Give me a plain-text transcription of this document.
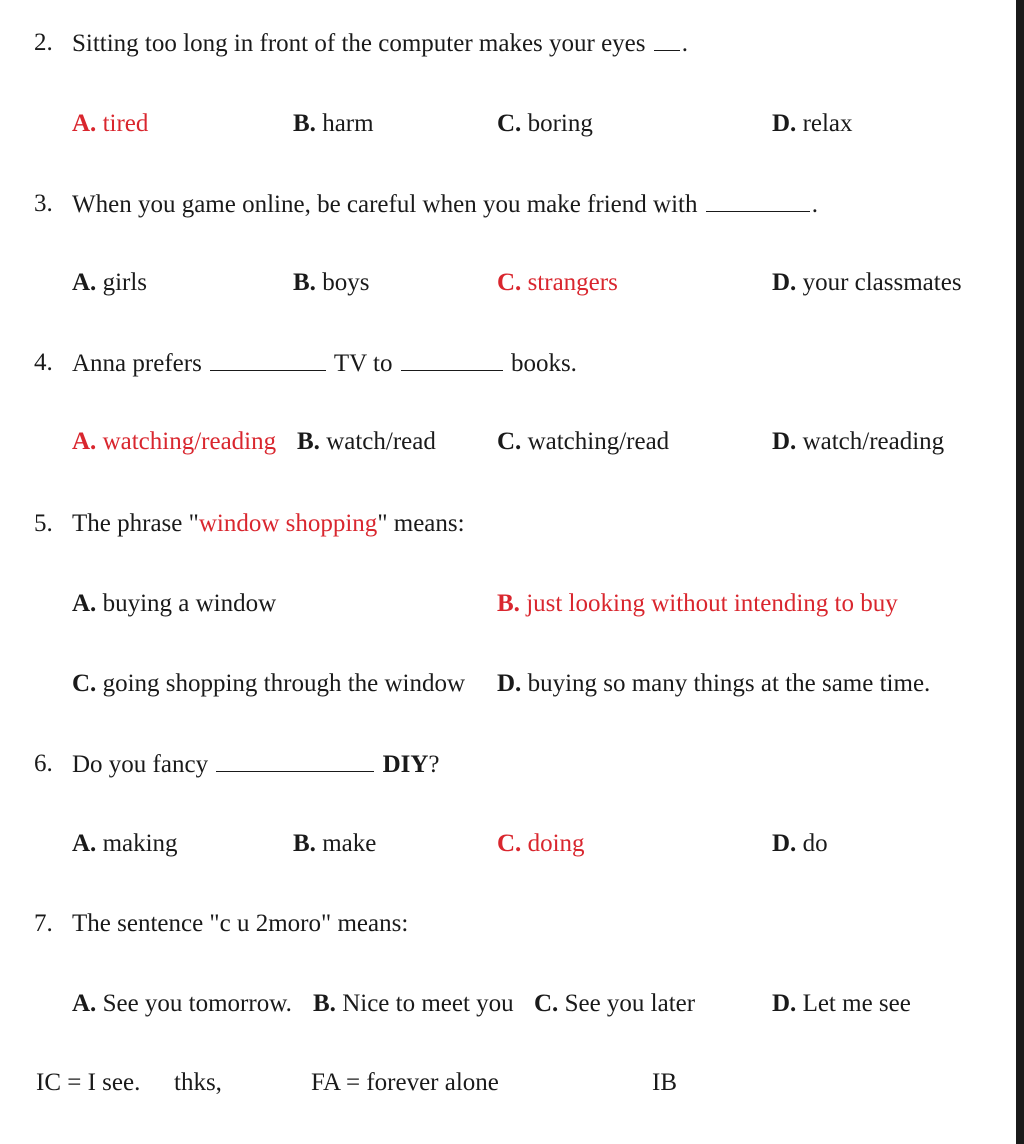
2. Sitting too long in front of the computer makes your eyes .
A. tired	B. harm	C. boring	D. relax
3. When you game online, be careful when you make friend with	.
A. girls	B. boys	C. strangers	D. your classmates
4. Anna prefers	TV to	books.
A. watching/reading B. watch/read C. watching/read	D. watch/reading
5. The phrase "window shopping" means:
A. buying a window	B. just looking without intending to buy
C. going shopping through the window D. buying so many things at the same time.
6. Do you fancy	DIY?
A. making	B. make	C. doing	D. do
7. The sentence "c u 2moro" means:
A. See you tomorrow. B. Nice to meet you C. See you later	D. Let me see
IC = I see. thks,	FA = forever alone	IB
